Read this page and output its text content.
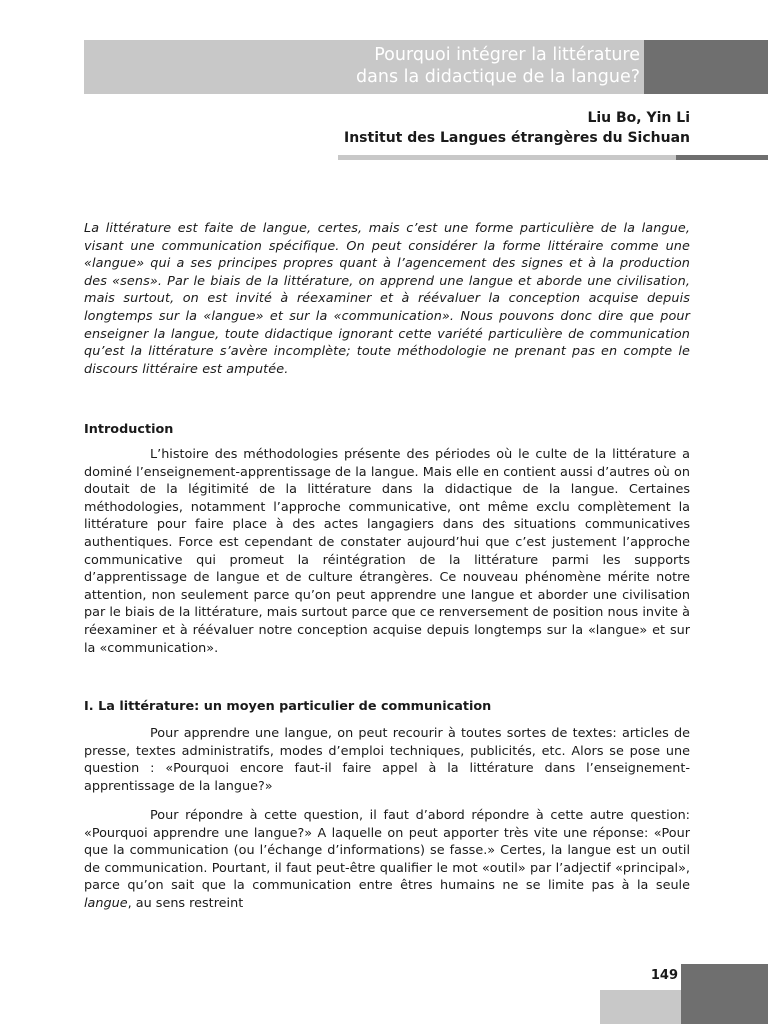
Pourquoi intégrer la littérature
dans la didactique de la langue?
Liu Bo, Yin Li
Institut des Langues étrangères du Sichuan
La littérature est faite de langue, certes, mais c’est une forme particulière de la langue, visant une communication spécifique. On peut considérer la forme littéraire comme une «langue» qui a ses principes propres quant à l’agencement des signes et à la production des «sens». Par le biais de la littérature, on apprend une langue et aborde une civilisation, mais surtout, on est invité à réexaminer et à réévaluer la conception acquise depuis longtemps sur la «langue» et sur la «communication». Nous pouvons donc dire que pour enseigner la langue, toute didactique ignorant cette variété particulière de communication qu’est la littérature s’avère incomplète; toute méthodologie ne prenant pas en compte le discours littéraire est amputée.
Introduction
L’histoire des méthodologies présente des périodes où le culte de la littérature a dominé l’enseignement-apprentissage de la langue. Mais elle en contient aussi d’autres où on doutait de la légitimité de la littérature dans la didactique de la langue. Certaines méthodologies, notamment l’approche communicative, ont même exclu complètement la littérature pour faire place à des actes langagiers dans des situations communicatives authentiques. Force est cependant de constater aujourd’hui que c’est justement l’approche communicative qui promeut la réintégration de la littérature parmi les supports d’apprentissage de langue et de culture étrangères. Ce nouveau phénomène mérite notre attention, non seulement parce qu’on peut apprendre une langue et aborder une civilisation par le biais de la littérature, mais surtout parce que ce renversement de position nous invite à réexaminer et à réévaluer notre conception acquise depuis longtemps sur la «langue» et sur la «communication».
I. La littérature: un moyen particulier de communication
Pour apprendre une langue, on peut recourir à toutes sortes de textes: articles de presse, textes administratifs, modes d’emploi techniques, publicités, etc. Alors se pose une question : «Pourquoi encore faut-il faire appel à la littérature dans l’enseignement-apprentissage de la langue?»
Pour répondre à cette question, il faut d’abord répondre à cette autre question: «Pourquoi apprendre une langue?» A laquelle on peut apporter très vite une réponse: «Pour que la communication (ou l’échange d’informations) se fasse.» Certes, la langue est un outil de communication. Pourtant, il faut peut-être qualifier le mot «outil» par l’adjectif «principal», parce qu’on sait que la communication entre êtres humains ne se limite pas à la seule langue, au sens restreint
149
